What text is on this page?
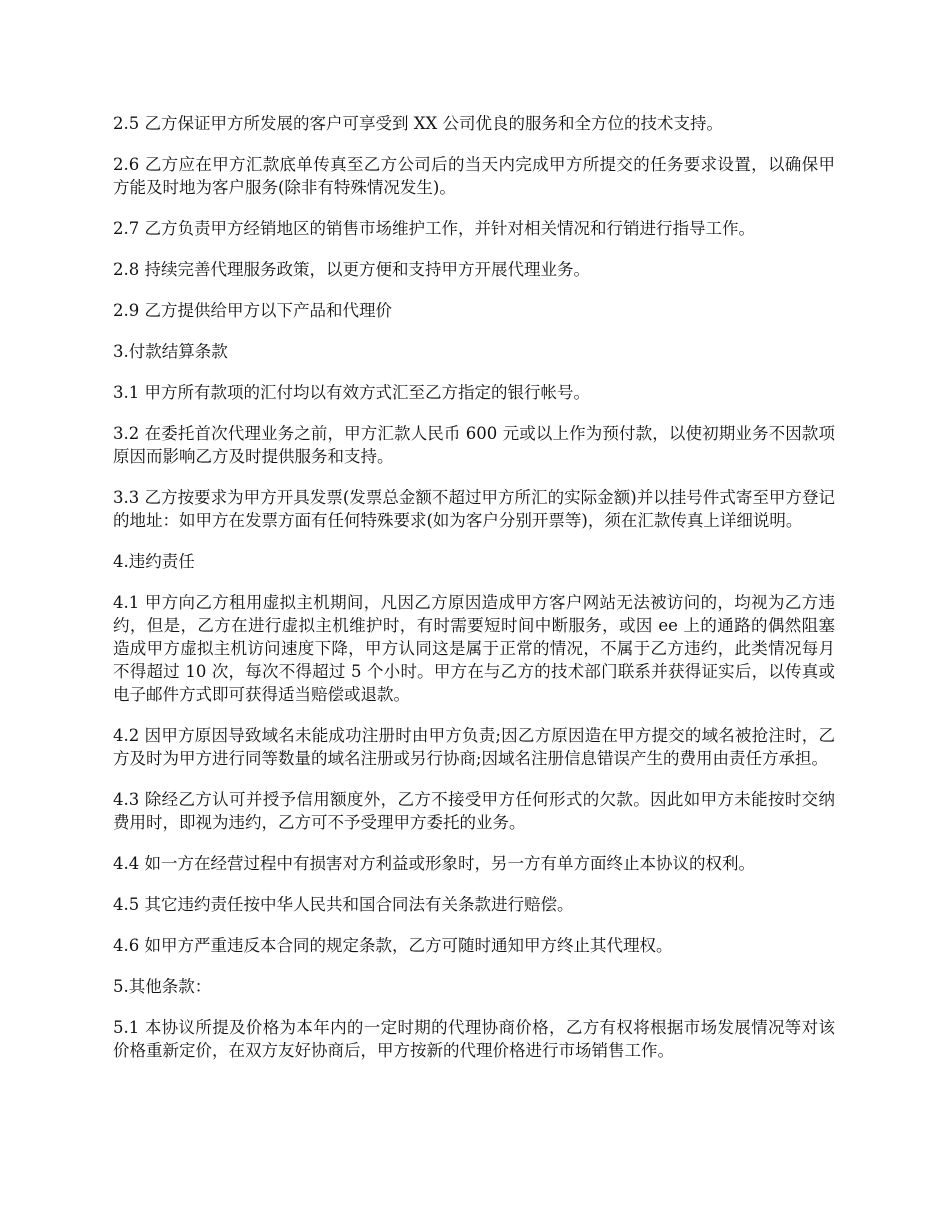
2.5 乙方保证甲方所发展的客户可享受到 XX 公司优良的服务和全方位的技术支持。

2.6 乙方应在甲方汇款底单传真至乙方公司后的当天内完成甲方所提交的任务要求设置，以确保甲方能及时地为客户服务(除非有特殊情况发生)。

2.7 乙方负责甲方经销地区的销售市场维护工作，并针对相关情况和行销进行指导工作。

2.8 持续完善代理服务政策，以更方便和支持甲方开展代理业务。

2.9 乙方提供给甲方以下产品和代理价

3.付款结算条款

3.1 甲方所有款项的汇付均以有效方式汇至乙方指定的银行帐号。

3.2 在委托首次代理业务之前，甲方汇款人民币 600 元或以上作为预付款，以使初期业务不因款项原因而影响乙方及时提供服务和支持。

3.3 乙方按要求为甲方开具发票(发票总金额不超过甲方所汇的实际金额)并以挂号件式寄至甲方登记的地址：如甲方在发票方面有任何特殊要求(如为客户分别开票等)，须在汇款传真上详细说明。

4.违约责任

4.1 甲方向乙方租用虚拟主机期间，凡因乙方原因造成甲方客户网站无法被访问的，均视为乙方违约，但是，乙方在进行虚拟主机维护时，有时需要短时间中断服务，或因 ee 上的通路的偶然阻塞造成甲方虚拟主机访问速度下降，甲方认同这是属于正常的情况，不属于乙方违约，此类情况每月不得超过 10 次，每次不得超过 5 个小时。甲方在与乙方的技术部门联系并获得证实后，以传真或电子邮件方式即可获得适当赔偿或退款。

4.2 因甲方原因导致域名未能成功注册时由甲方负责;因乙方原因造在甲方提交的域名被抢注时，乙方及时为甲方进行同等数量的域名注册或另行协商;因域名注册信息错误产生的费用由责任方承担。

4.3 除经乙方认可并授予信用额度外，乙方不接受甲方任何形式的欠款。因此如甲方未能按时交纳费用时，即视为违约，乙方可不予受理甲方委托的业务。

4.4 如一方在经营过程中有损害对方利益或形象时，另一方有单方面终止本协议的权利。

4.5 其它违约责任按中华人民共和国合同法有关条款进行赔偿。

4.6 如甲方严重违反本合同的规定条款，乙方可随时通知甲方终止其代理权。

5.其他条款：

5.1 本协议所提及价格为本年内的一定时期的代理协商价格，乙方有权将根据市场发展情况等对该价格重新定价，在双方友好协商后，甲方按新的代理价格进行市场销售工作。
